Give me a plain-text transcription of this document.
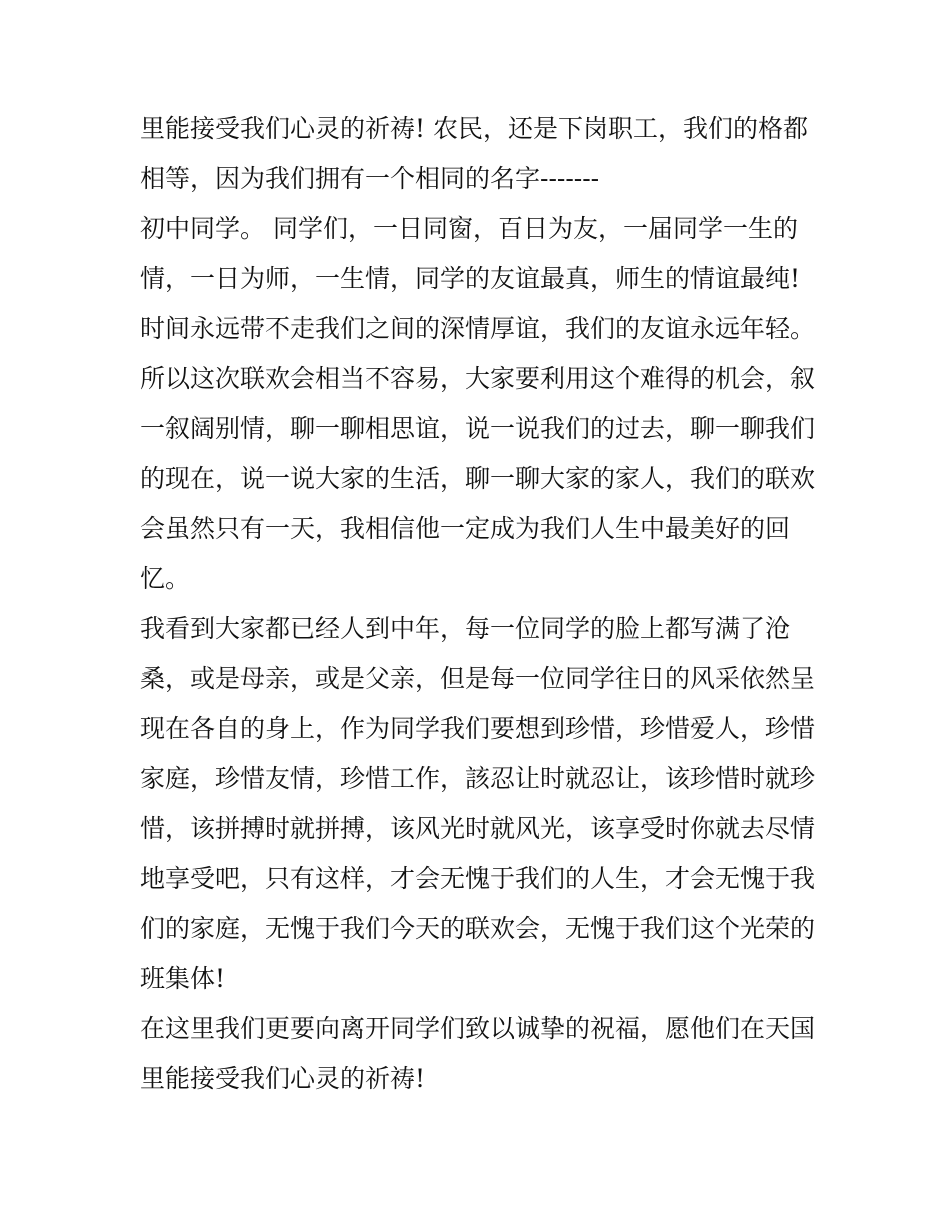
里能接受我们心灵的祈祷! 农民，还是下岗职工，我们的格都
相等，因为我们拥有一个相同的名字-------
初中同学。 同学们，一日同窗，百日为友，一届同学一生的
情，一日为师，一生情，同学的友谊最真，师生的情谊最纯!
时间永远带不走我们之间的深情厚谊，我们的友谊永远年轻。
所以这次联欢会相当不容易，大家要利用这个难得的机会，叙
一叙阔别情，聊一聊相思谊，说一说我们的过去，聊一聊我们
的现在，说一说大家的生活，聊一聊大家的家人，我们的联欢
会虽然只有一天，我相信他一定成为我们人生中最美好的回
忆。
我看到大家都已经人到中年，每一位同学的脸上都写满了沧
桑，或是母亲，或是父亲，但是每一位同学往日的风采依然呈
现在各自的身上，作为同学我们要想到珍惜，珍惜爱人，珍惜
家庭，珍惜友情，珍惜工作，該忍让时就忍让，该珍惜时就珍
惜，该拼搏时就拼搏，该风光时就风光，该享受时你就去尽情
地享受吧，只有这样，才会无愧于我们的人生，才会无愧于我
们的家庭，无愧于我们今天的联欢会，无愧于我们这个光荣的
班集体!
在这里我们更要向离开同学们致以诚挚的祝福，愿他们在天国
里能接受我们心灵的祈祷!
